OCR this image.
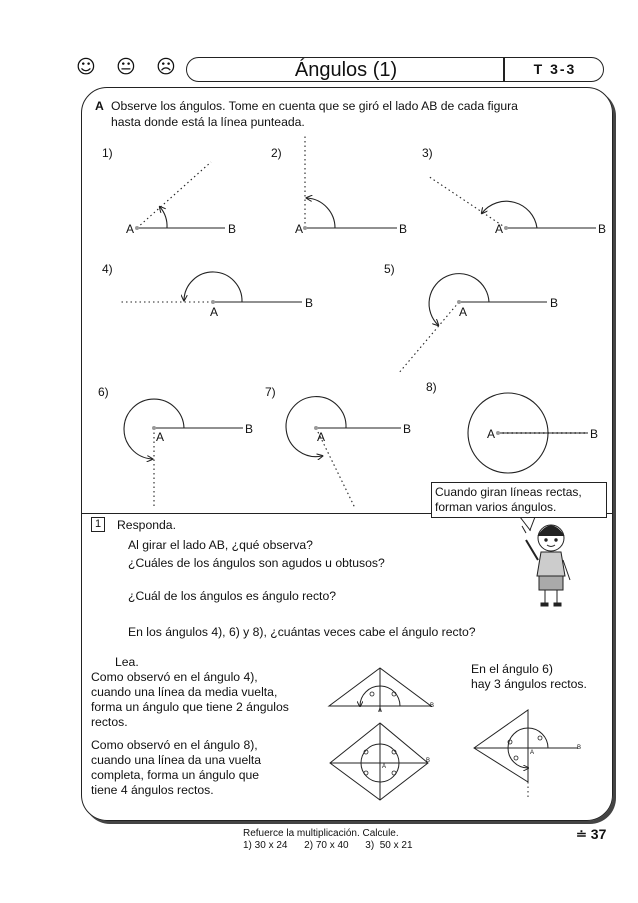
☺ 😐 ☹	Ángulos (1)	T 3-3
A Observe los ángulos. Tome en cuenta que se giró el lado AB de cada figura
hasta donde está la línea punteada.
1)
A	B
2)
A	B
3)
A	B
4)
A
B
5)
A
B
6)
A
B
7)
A
B
8)
A	B
Cuando giran líneas rectas,
forman varios ángulos.
1	Responda.
Al girar el lado AB, ¿qué observa?
¿Cuáles de los ángulos son agudos u obtusos?
¿Cuál de los ángulos es ángulo recto?
En los ángulos 4), 6) y 8), ¿cuántas veces cabe el ángulo recto?
Lea.
Como observó en el ángulo 4),
cuando una línea da media vuelta,
forma un ángulo que tiene 2 ángulos
rectos.
Como observó en el ángulo 8),
cuando una línea da una vuelta
completa, forma un ángulo que
tiene 4 ángulos rectos.
En el ángulo 6)
hay 3 ángulos rectos.
A
B
A
B
A
B
Refuerce la multiplicación. Calcule.
1) 30 x 24      2) 70 x 40      3)  50 x 21
≐ 37
